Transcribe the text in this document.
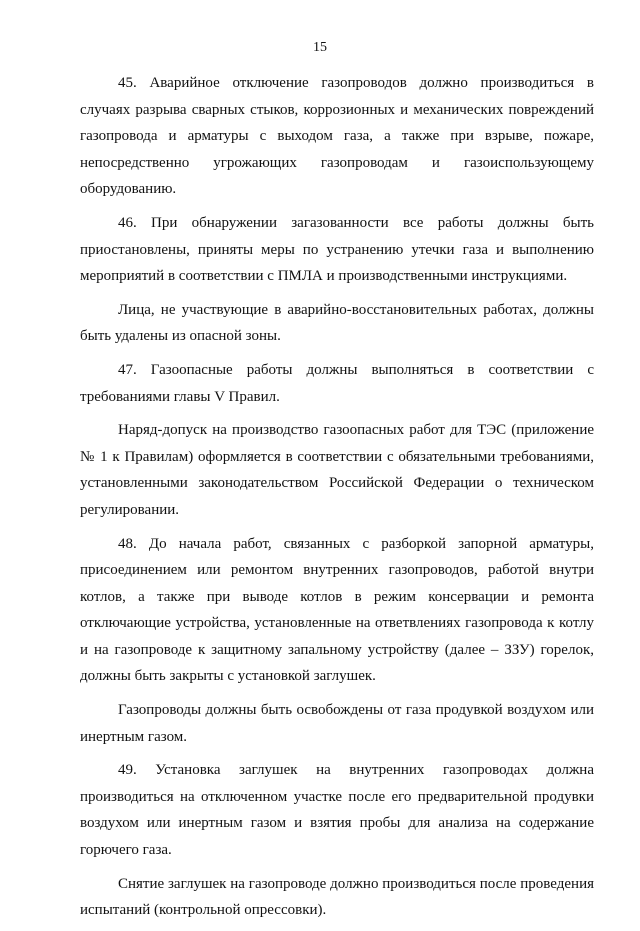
15

45. Аварийное отключение газопроводов должно производиться в случаях разрыва сварных стыков, коррозионных и механических повреждений газопровода и арматуры с выходом газа, а также при взрыве, пожаре, непосредственно угрожающих газопроводам и газоиспользующему оборудованию.

46. При обнаружении загазованности все работы должны быть приостановлены, приняты меры по устранению утечки газа и выполнению мероприятий в соответствии с ПМЛА и производственными инструкциями.

Лица, не участвующие в аварийно-восстановительных работах, должны быть удалены из опасной зоны.

47. Газоопасные работы должны выполняться в соответствии с требованиями главы V Правил.

Наряд-допуск на производство газоопасных работ для ТЭС (приложение № 1 к Правилам) оформляется в соответствии с обязательными требованиями, установленными законодательством Российской Федерации о техническом регулировании.

48. До начала работ, связанных с разборкой запорной арматуры, присоединением или ремонтом внутренних газопроводов, работой внутри котлов, а также при выводе котлов в режим консервации и ремонта отключающие устройства, установленные на ответвлениях газопровода к котлу и на газопроводе к защитному запальному устройству (далее – ЗЗУ) горелок, должны быть закрыты с установкой заглушек.

Газопроводы должны быть освобождены от газа продувкой воздухом или инертным газом.

49. Установка заглушек на внутренних газопроводах должна производиться на отключенном участке после его предварительной продувки воздухом или инертным газом и взятия пробы для анализа на содержание горючего газа.

Снятие заглушек на газопроводе должно производиться после проведения испытаний (контрольной опрессовки).
